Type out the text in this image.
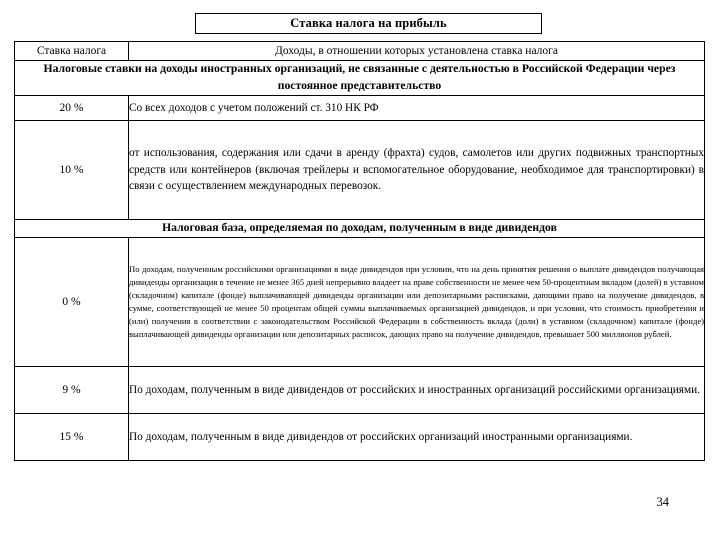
Ставка налога на прибыль
Ставка налога	Доходы, в отношении которых установлена ставка налога
Налоговые ставки на доходы иностранных организаций, не связанные с деятельностью в Российской Федерации через постоянное представительство	
20 %	Со всех доходов с учетом положений ст. 310 НК РФ
10 %	от использования, содержания или сдачи в аренду (фрахта) судов, самолетов или других подвижных транспортных средств или контейнеров (включая трейлеры и вспомогательное оборудование, необходимое для транспортировки) в связи с осуществлением международных перевозок.
Налоговая база, определяемая по доходам, полученным в виде дивидендов	
0 %	По доходам, полученным российскими организациями в виде дивидендов при условии, что на день принятия решения о выплате дивидендов получающая дивиденды организация в течение не менее 365 дней непрерывно владеет на праве собственности не менее чем 50-процентным вкладом (долей) в уставном (складочном) капитале (фонде) выплачивающей дивиденды организации или депозитарными расписками, дающими право на получение дивидендов, в сумме, соответствующей не менее 50 процентам общей суммы выплачиваемых организацией дивидендов, и при условии, что стоимость приобретения и (или) получения в соответствии с законодательством Российской Федерации в собственность вклада (доли) в уставном (складочном) капитале (фонде) выплачивающей дивиденды организации или депозитарных расписок, дающих право на получение дивидендов, превышает 500 миллионов рублей.
9 %	По доходам, полученным в виде дивидендов от российских и иностранных организаций российскими организациями.
15 %	По доходам, полученным в виде дивидендов от российских организаций иностранными организациями.
34
